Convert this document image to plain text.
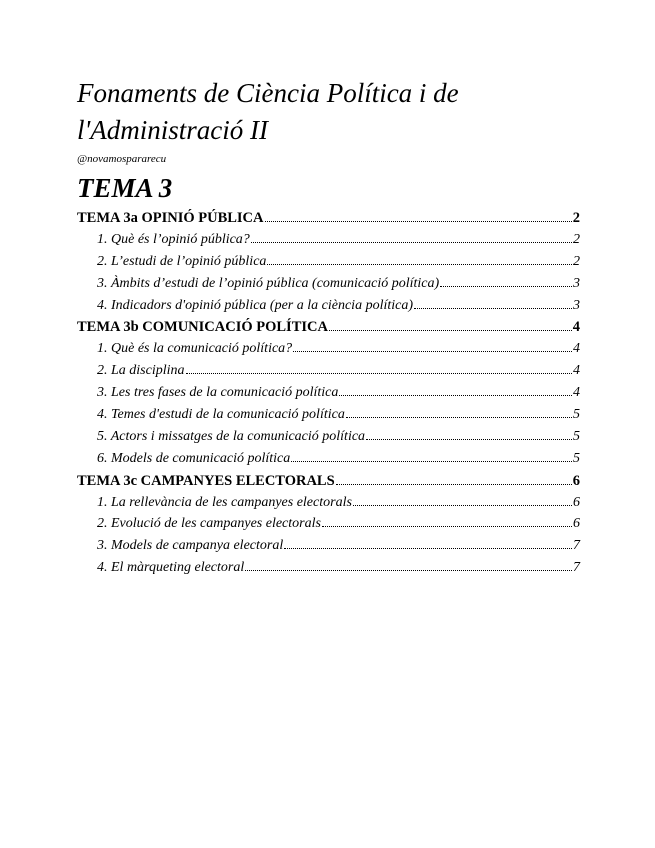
Fonaments de Ciència Política i de l'Administració II
@novamospararecu
TEMA 3
TEMA 3a OPINIÓ PÚBLICA	2
1. Què és l’opinió pública?	2
2. L’estudi de l’opinió pública	2
3. Àmbits d’estudi de l’opinió pública (comunicació política)	3
4. Indicadors d'opinió pública (per a la ciència política)	3
TEMA 3b COMUNICACIÓ POLÍTICA	4
1. Què és la comunicació política?	4
2. La disciplina	4
3. Les tres fases de la comunicació política	4
4. Temes d'estudi de la comunicació política	5
5. Actors i missatges de la comunicació política	5
6. Models de comunicació política	5
TEMA 3c CAMPANYES ELECTORALS	6
1. La rellevància de les campanyes electorals	6
2. Evolució de les campanyes electorals	6
3. Models de campanya electoral	7
4. El màrqueting electoral	7
